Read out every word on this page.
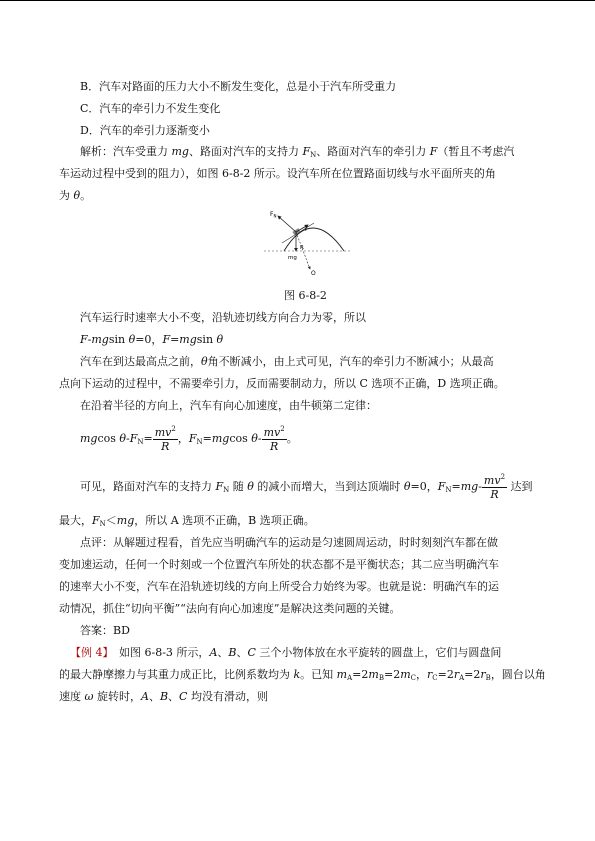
B．汽车对路面的压力大小不断发生变化，总是小于汽车所受重力
C．汽车的牵引力不发生变化
D．汽车的牵引力逐渐变小
解析：汽车受重力 mg、路面对汽车的支持力 $F_N$、路面对汽车的牵引力 F（暂且不考虑汽
车运动过程中受到的阻力），如图 6-8-2 所示。设汽车所在位置路面切线与水平面所夹的角
为 θ。
$F_N$
F
R
mg
O
图 6-8-2
汽车运行时速率大小不变，沿轨迹切线方向合力为零，所以
F-mgsin θ=0，F=mgsin θ
汽车在到达最高点之前，θ角不断减小，由上式可见，汽车的牵引力不断减小；从最高
点向下运动的过程中，不需要牵引力，反而需要制动力，所以 C 选项不正确，D 选项正确。
在沿着半径的方向上，汽车有向心加速度，由牛顿第二定律：
mgcos $\theta-F_N= \frac{mv^2}{R}$ ，$F_N=mgcos$ $\theta- \frac{mv^2}{R}$ 。
可见，路面对汽车的支持力 $F_N$ 随 θ 的减小而增大，当到达顶端时 θ=0，$F_N=mg- \frac{mv^2}{R}$ 达到
最大，$F_N<mg$，所以 A 选项不正确，B 选项正确。
点评：从解题过程看，首先应当明确汽车的运动是匀速圆周运动，时时刻刻汽车都在做
变加速运动，任何一个时刻或一个位置汽车所处的状态都不是平衡状态；其二应当明确汽车
的速率大小不变，汽车在沿轨迹切线的方向上所受合力始终为零。也就是说：明确汽车的运
动情况，抓住“切向平衡”“法向有向心加速度”是解决这类问题的关键。
答案：BD
【例 4】　如图 6-8-3 所示，A、B、C 三个小物体放在水平旋转的圆盘上，它们与圆盘间
的最大静摩擦力与其重力成正比，比例系数均为 k。已知 $m_A=2m_B=2m_C$，$r_C=2r_A=2r_B$，圆台以角
速度 ω 旋转时，A、B、C 均没有滑动，则
